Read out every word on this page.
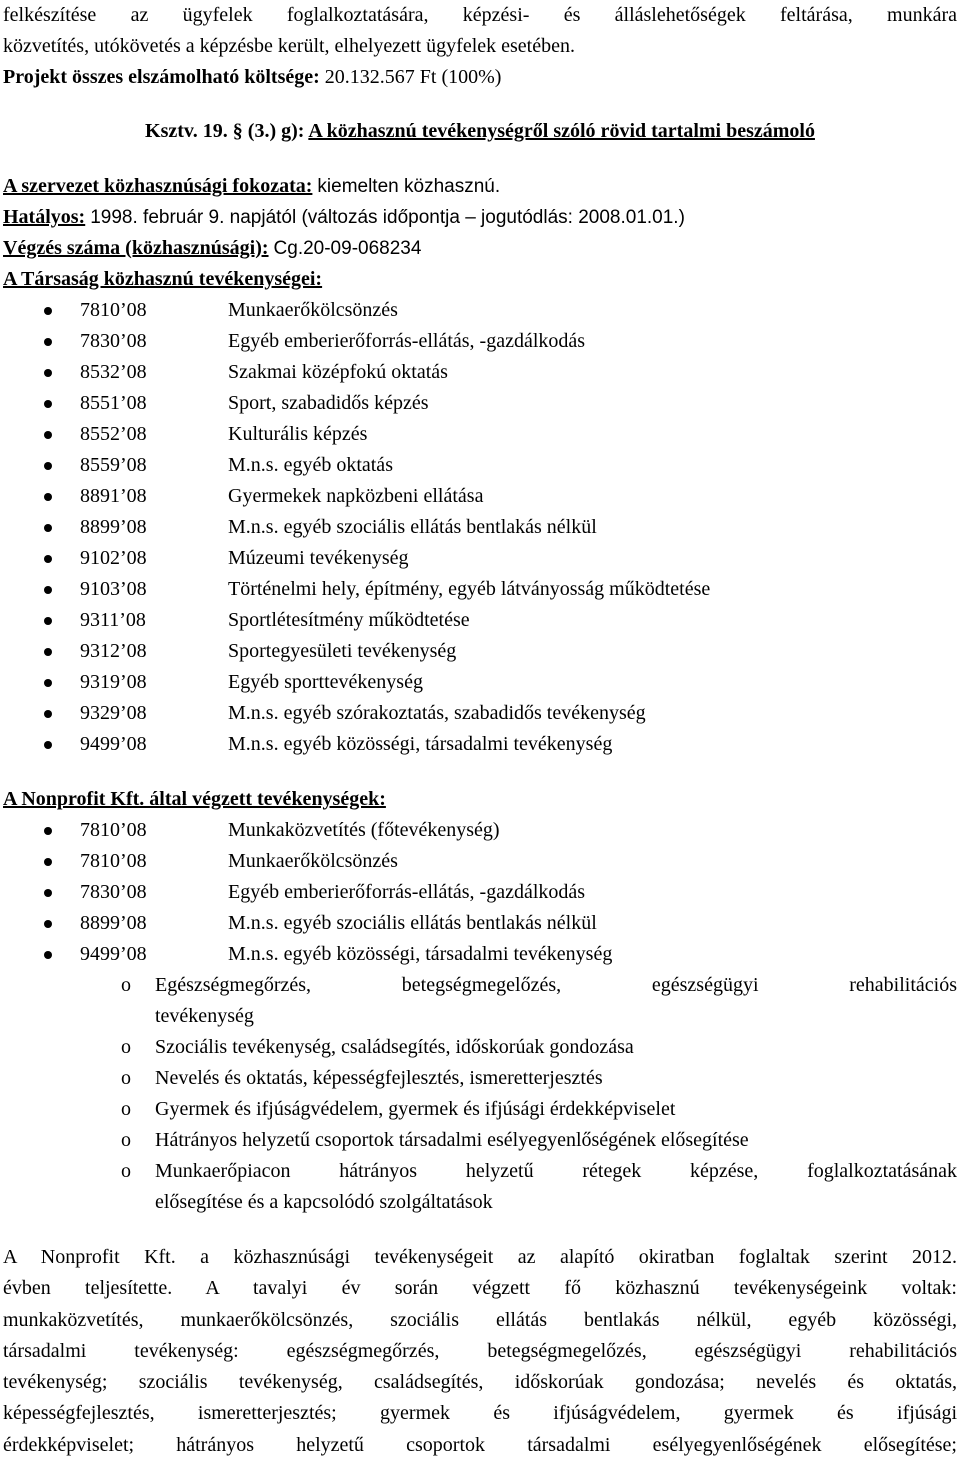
felkészítése az ügyfelek foglalkoztatására, képzési- és álláslehetőségek feltárása, munkára
közvetítés, utókövetés a képzésbe került, elhelyezett ügyfelek esetében.
Projekt összes elszámolható költsége: 20.132.567 Ft (100%)
Ksztv. 19. § (3.) g): A közhasznú tevékenységről szóló rövid tartalmi beszámoló
A szervezet közhasznúsági fokozata: kiemelten közhasznú.
Hatályos: 1998. február 9. napjától (változás időpontja – jogutódlás: 2008.01.01.)
Végzés száma (közhasznúsági): Cg.20-09-068234
A Társaság közhasznú tevékenységei:
7810’08	Munkaerőkölcsönzés
7830’08	Egyéb emberierőforrás-ellátás, -gazdálkodás
8532’08	Szakmai középfokú oktatás
8551’08	Sport, szabadidős képzés
8552’08	Kulturális képzés
8559’08	M.n.s. egyéb oktatás
8891’08	Gyermekek napközbeni ellátása
8899’08	M.n.s. egyéb szociális ellátás bentlakás nélkül
9102’08	Múzeumi tevékenység
9103’08	Történelmi hely, építmény, egyéb látványosság működtetése
9311’08	Sportlétesítmény működtetése
9312’08	Sportegyesületi tevékenység
9319’08	Egyéb sporttevékenység
9329’08	M.n.s. egyéb szórakoztatás, szabadidős tevékenység
9499’08	M.n.s. egyéb közösségi, társadalmi tevékenység
A Nonprofit Kft. által végzett tevékenységek:
7810’08	Munkaközvetítés (főtevékenység)
7810’08	Munkaerőkölcsönzés
7830’08	Egyéb emberierőforrás-ellátás, -gazdálkodás
8899’08	M.n.s. egyéb szociális ellátás bentlakás nélkül
9499’08	M.n.s. egyéb közösségi, társadalmi tevékenység
o Egészségmegőrzés, betegségmegelőzés, egészségügyi rehabilitációs
tevékenység
o Szociális tevékenység, családsegítés, időskorúak gondozása
o Nevelés és oktatás, képességfejlesztés, ismeretterjesztés
o Gyermek és ifjúságvédelem, gyermek és ifjúsági érdekképviselet
o Hátrányos helyzetű csoportok társadalmi esélyegyenlőségének elősegítése
o Munkaerőpiacon hátrányos helyzetű rétegek képzése, foglalkoztatásának
elősegítése és a kapcsolódó szolgáltatások
A Nonprofit Kft. a közhasznúsági tevékenységeit az alapító okiratban foglaltak szerint 2012.
évben teljesítette. A tavalyi év során végzett fő közhasznú tevékenységeink voltak:
munkaközvetítés, munkaerőkölcsönzés, szociális ellátás bentlakás nélkül, egyéb közösségi,
társadalmi tevékenység: egészségmegőrzés, betegségmegelőzés, egészségügyi rehabilitációs
tevékenység; szociális tevékenység, családsegítés, időskorúak gondozása; nevelés és oktatás,
képességfejlesztés, ismeretterjesztés; gyermek és ifjúságvédelem, gyermek és ifjúsági
érdekképviselet; hátrányos helyzetű csoportok társadalmi esélyegyenlőségének elősegítése;
